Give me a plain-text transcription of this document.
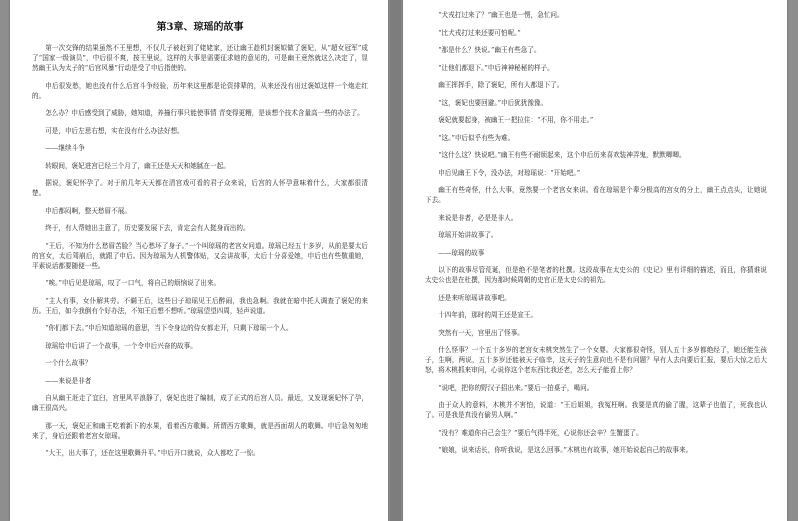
第3章、琼瑶的故事

第一次交锋的结果虽然不王里想，不仅几子被赶到了姥姥家，还让幽王趁机封褒姒做了褒妃，从“超女冠军”成了“国家一级演员”，中后很不爽，按王里说，这样的大事是需要征求她的意见的，可是幽王竟然就这么决定了，显然幽王认为太子的“后宫风暴”行动是受了申后指使的。

申后很发愁，她也没有什么后宫斗争经验，历年来这里都是论资排辈的，从来还没有出过褒姒这样一个炮走红的。

怎么办？申后感受到了威胁，她知道，养撞行事只能使事情 青变得更糟，是该想个技术含量高一些的办法了。

可是，申后左思右想，实在没有什么办法好想。

——继续斗争

转眼间，褒妃进宫已经三个月了，幽王还是天天和她腻在一起。

据说，褒妃怀孕了。对于前几年天天都在清宫戏可看的君子众来说，后宫的人怀孕意味着什么，大家都很清楚。

申后都闷啊，整天愁眉不展。

终于，有人帮她出主意了，历史要发展下去，肯定会有人挺身而出的。

“王后，不知为什么愁眉苦脸？当心愁坏了身子。”一个叫琼瑶的老宫女问道。琼瑶已经五十多岁，从前是要太后的宫女，太后驾崩后，就跟了申后。因为琼瑶为人机警体贴，又会讲故事，太后十分喜爱她，申后也有些敬重她，平素说话都要随便一些。

“唉。”申后见是琼瑶，叹了一口气，将自己的烦恼说了出来。

“主人有事，女仆解其劳。不瞒王后，这些日子琼瑶见王后醉闹，我也急啊。我就在暗中托人调查了褒妃的来历。王后，如今我倒有个好办法，不知王后想不想听。”琼瑶望望四周，轻声说道。

“你们都下去。”申后知道琼瑶的意思，当下令身边的侍女都走开，只剩下琼瑶一个人。

琼瑶给申后讲了一个故事，一个令申后兴奋的故事。

一个什么故事？

——来说是非者

自从幽王赶走了宜臼，宫里风平浪静了，褒妃也进了编制，成了正式的后宫人员。最近，又发现褒妃怀了孕，幽王很高兴。

那一天，褒妃正和幽王吃着新下的水果，看着西方歌舞。所谓西方歌舞，就是西面胡人的歌舞。申后急匆匆地来了，身后还跟着老宫女琼瑶。

“大王，出大事了，还在这里歌舞升平。”申后开口就说，众人都吃了一惊。

“犬戎打过来了？”幽王也是一愣，急忙问。

“比犬戎打过来还要可怕呢。”

“那是什么？快说。”幽王有些急了。

“让他们都退下。”申后神神秘秘的样子。

幽王挥挥手，除了褒妃，所有人都退下了。

“这，褒妃也要回避。”申后犹犹豫豫。

褒妃就要起身，被幽王一把拉住：“不用，你不用走。”

“这。”申后似乎有些为难。

“这什么这？快说吧。”幽王有些不耐烦起来，这个申后历来喜欢装神弄鬼，默默唧唧。

申后见幽王下令，没办法，对琼瑶说：“开始吧。”

幽王有些奇怪，什么大事，竟然要一个老宫女来讲。看在琼瑶是个辈分极高的宫女的分上，幽王点点头，让她说下去。

来说是非者，必是是非人。

琼瑶开始讲故事了。

——琼瑶的故事

以下的故事尽管荒诞，但是绝不是笔者的杜撰。这段故事在太史公的《史记》里有详细的描述，而且，你猜谁说太史公也是在杜撰，因为那时候周朝的史官正是太史公的祖先。

还是来听琼瑶讲故事吧。

十四年前，那时的周王还是宣王。

突然有一天，宫里出了怪事。

什么怪事？一个五十多岁的老宫女未桃突然生了一个女婴。大家都很奇怪，别人五十多岁都绝经了，她还能生孩子，生啊，两说，五十多岁还能被天子临幸，这天子的生意向也不是有问题？早有人去向要后汇报，要后大惊之后大怒，将木桃抓来审问，心说你这个老东西比我还老，怎么天子能看上你？

“说吧，把你的野汉子招出来。”要后一拍桌子，喝问。

由于众人的意料，木桃并不害怕，说道：“王后姐姐，我冤枉啊。我要是真的偷了腥，这辈子也值了，死我也认了。可是我是真没有偷男人啊。”

“没有？难道你自己会生？”要后气得半死，心说你还会辛？生蟹蛋了。

“娘娘，说来话长，你听我说，是这么回事。”木桃也有故事，她开始说起自己的故事来。
